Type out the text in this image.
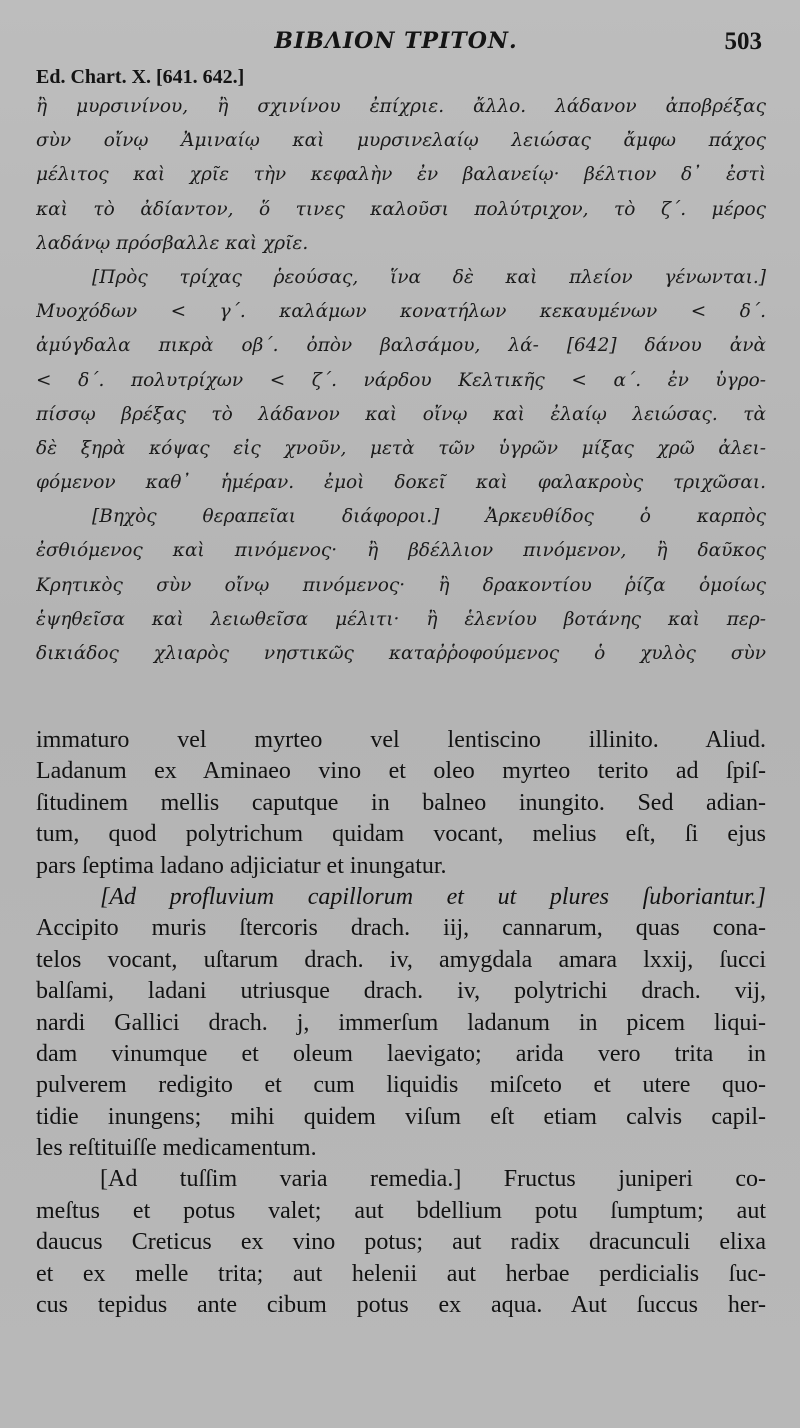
ΒΙΒΛΙΟΝ ΤΡΙΤΟΝ.	503
Ed. Chart. X. [641. 642.]
ἢ μυρσινίνου, ἢ σχινίνου ἐπίχριε. ἄλλο. λάδανον ἀποβρέξας
σὺν οἴνῳ Ἀμιναίῳ καὶ μυρσινελαίῳ λειώσας ἄμφω πάχος
μέλιτος καὶ χρῖε τὴν κεφαλὴν ἐν βαλανείῳ· βέλτιον δ᾽ ἐστὶ
καὶ τὸ ἀδίαντον, ὅ τινες καλοῦσι πολύτριχον, τὸ ζ΄. μέρος
λαδάνῳ πρόσβαλλε καὶ χρῖε.
[Πρὸς τρίχας ῥεούσας, ἵνα δὲ καὶ πλείον γένωνται.]
Μυοχόδων < γ΄. καλάμων κονατήλων κεκαυμένων < δ΄.
ἀμύγδαλα πικρὰ οβ΄. ὀπὸν βαλσάμου, λά- [642] δάνου ἀνὰ
< δ΄. πολυτρίχων < ζ΄. νάρδου Κελτικῆς < α΄. ἐν ὑγρο-
πίσσῳ βρέξας τὸ λάδανον καὶ οἴνῳ καὶ ἐλαίῳ λειώσας. τὰ
δὲ ξηρὰ κόψας εἰς χνοῦν, μετὰ τῶν ὑγρῶν μίξας χρῶ ἀλει-
φόμενον καθ᾽ ἡμέραν. ἐμοὶ δοκεῖ καὶ φαλακροὺς τριχῶσαι.
[Βηχὸς θεραπεῖαι διάφοροι.] Ἀρκευθίδος ὁ καρπὸς
ἐσθιόμενος καὶ πινόμενος· ἢ βδέλλιον πινόμενον, ἢ δαῦκος
Κρητικὸς σὺν οἴνῳ πινόμενος· ἢ δρακοντίου ῥίζα ὁμοίως
ἑψηθεῖσα καὶ λειωθεῖσα μέλιτι· ἢ ἑλενίου βοτάνης καὶ περ-
δικιάδος χλιαρὸς νηστικῶς καταῤῥοφούμενος ὁ χυλὸς σὺν
immaturo vel myrteo vel lentiscino illinito. Aliud.
Ladanum ex Aminaeo vino et oleo myrteo terito ad ſpiſ-
ſitudinem mellis caputque in balneo inungito. Sed adian-
tum, quod polytrichum quidam vocant, melius eſt, ſi ejus
pars ſeptima ladano adjiciatur et inungatur.
[Ad profluvium capillorum et ut plures ſuboriantur.]
Accipito muris ſtercoris drach. iij, cannarum, quas cona-
telos vocant, uſtarum drach. iv, amygdala amara lxxij, ſucci
balſami, ladani utriusque drach. iv, polytrichi drach. vij,
nardi Gallici drach. j, immerſum ladanum in picem liqui-
dam vinumque et oleum laevigato; arida vero trita in
pulverem redigito et cum liquidis miſceto et utere quo-
tidie inungens; mihi quidem viſum eſt etiam calvis capil-
les reſtituiſſe medicamentum.
[Ad tuſſim varia remedia.] Fructus juniperi co-
meſtus et potus valet; aut bdellium potu ſumptum; aut
daucus Creticus ex vino potus; aut radix dracunculi elixa
et ex melle trita; aut helenii aut herbae perdicialis ſuc-
cus tepidus ante cibum potus ex aqua. Aut ſuccus her-
